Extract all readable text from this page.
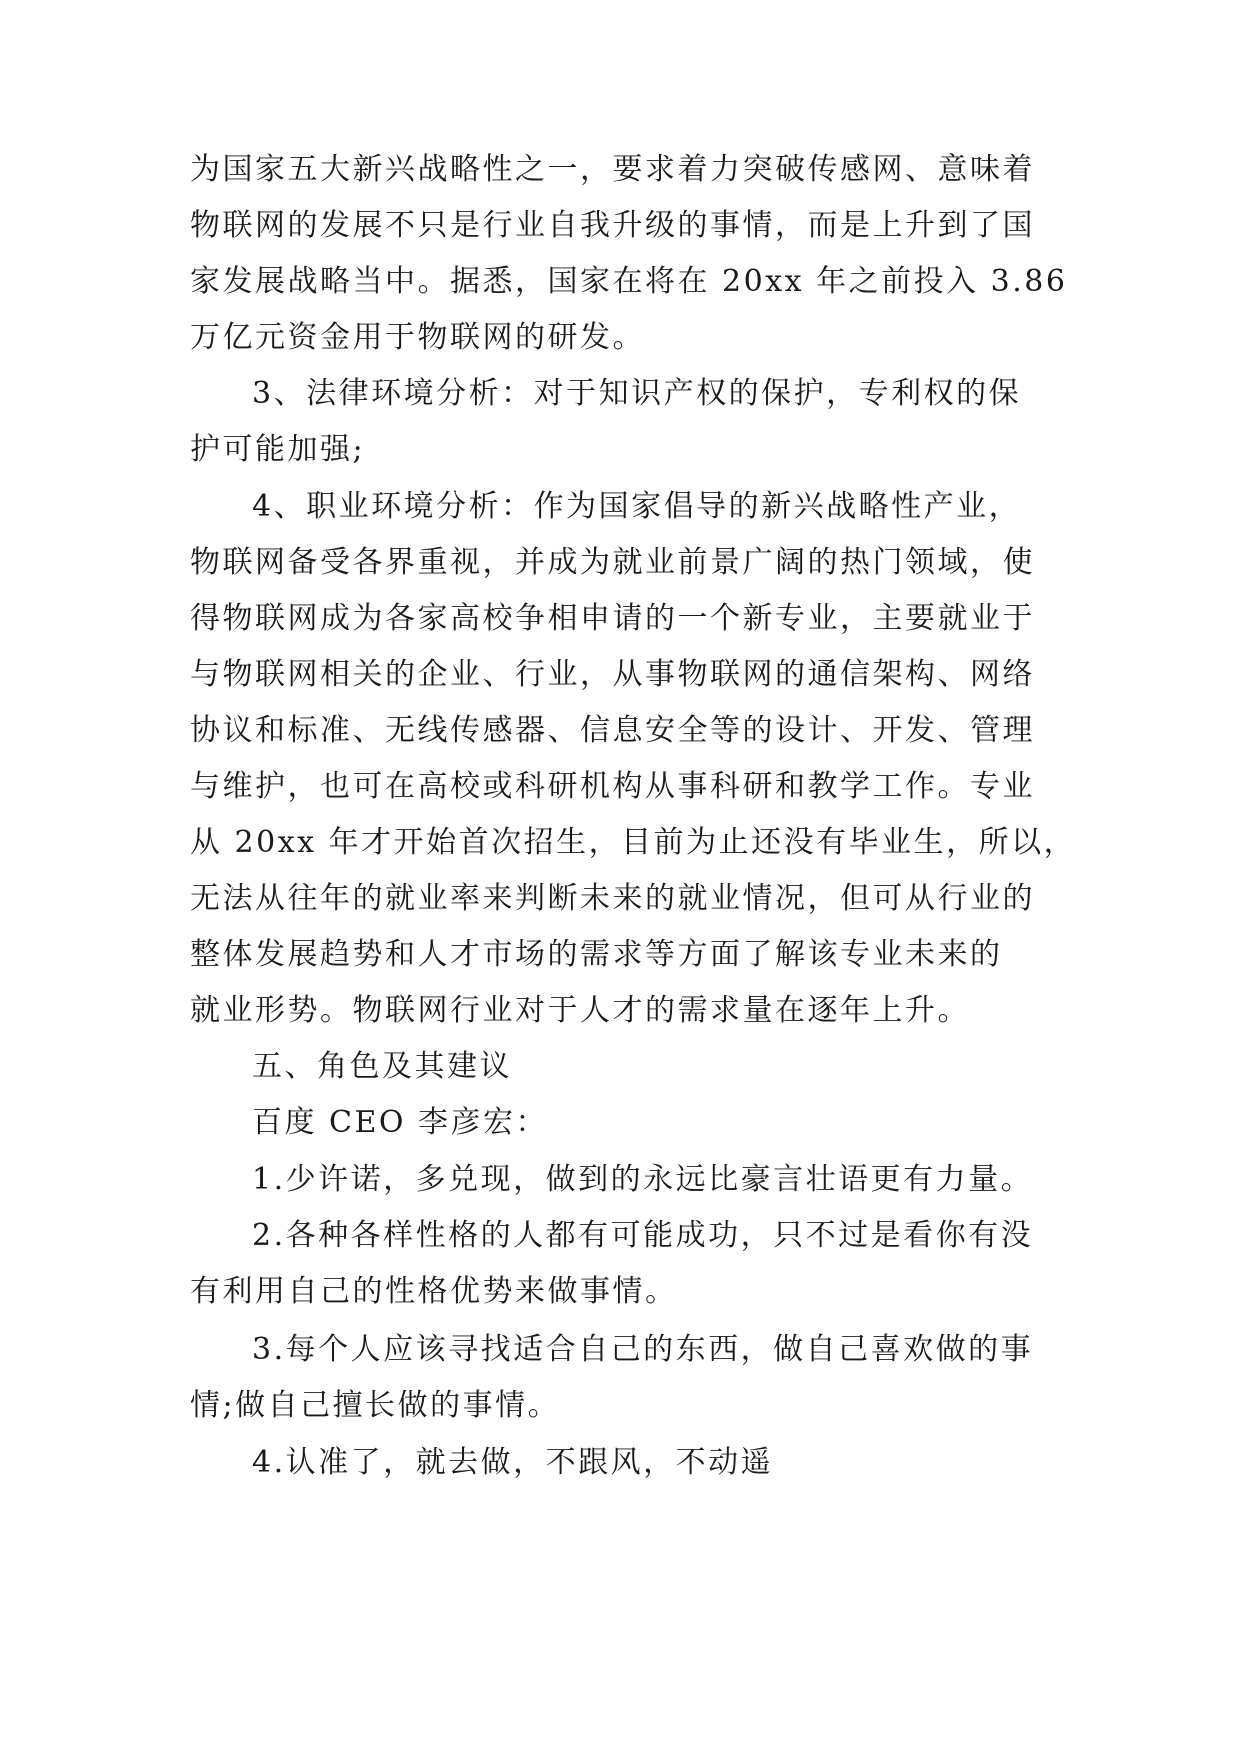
为国家五大新兴战略性之一，要求着力突破传感网、意味着
物联网的发展不只是行业自我升级的事情，而是上升到了国
家发展战略当中。据悉，国家在将在 20xx 年之前投入 3.86
万亿元资金用于物联网的研发。
3、法律环境分析：对于知识产权的保护，专利权的保
护可能加强;
4、职业环境分析：作为国家倡导的新兴战略性产业，
物联网备受各界重视，并成为就业前景广阔的热门领域，使
得物联网成为各家高校争相申请的一个新专业，主要就业于
与物联网相关的企业、行业，从事物联网的通信架构、网络
协议和标准、无线传感器、信息安全等的设计、开发、管理
与维护，也可在高校或科研机构从事科研和教学工作。专业
从 20xx 年才开始首次招生，目前为止还没有毕业生，所以，
无法从往年的就业率来判断未来的就业情况，但可从行业的
整体发展趋势和人才市场的需求等方面了解该专业未来的
就业形势。物联网行业对于人才的需求量在逐年上升。
五、角色及其建议
百度 CEO 李彦宏：
1.少许诺，多兑现，做到的永远比豪言壮语更有力量。
2.各种各样性格的人都有可能成功，只不过是看你有没
有利用自己的性格优势来做事情。
3.每个人应该寻找适合自己的东西，做自己喜欢做的事
情;做自己擅长做的事情。
4.认准了，就去做，不跟风，不动遥
